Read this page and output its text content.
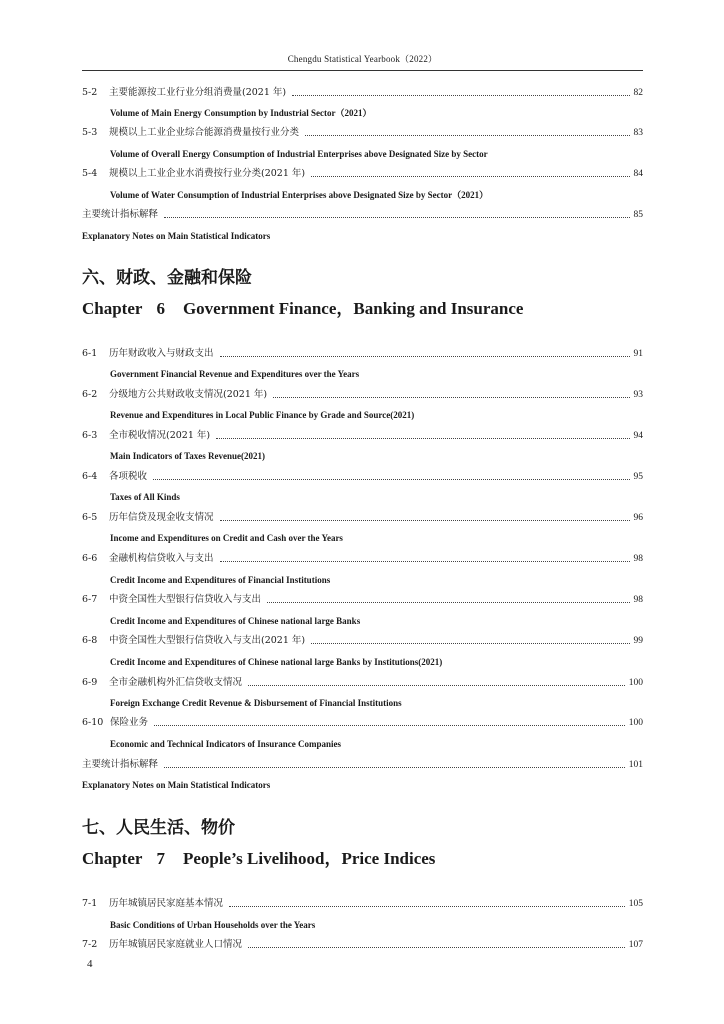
Chengdu Statistical Yearbook（2022）
5-2	主要能源按工业行业分组消费量(2021 年)	82
Volume of Main Energy Consumption by Industrial Sector（2021）
5-3	规模以上工业企业综合能源消费量按行业分类	83
Volume of Overall Energy Consumption of Industrial Enterprises above Designated Size by Sector
5-4	规模以上工业企业水消费按行业分类(2021 年)	84
Volume of Water Consumption of Industrial Enterprises above Designated Size by Sector（2021）
主要统计指标解释	85
Explanatory Notes on Main Statistical Indicators
六、财政、金融和保险
Chapter 6 Government Finance，Banking and Insurance
6-1	历年财政收入与财政支出	91
Government Financial Revenue and Expenditures over the Years
6-2	分级地方公共财政收支情况(2021 年)	93
Revenue and Expenditures in Local Public Finance by Grade and Source(2021)
6-3	全市税收情况(2021 年)	94
Main Indicators of Taxes Revenue(2021)
6-4	各项税收	95
Taxes of All Kinds
6-5	历年信贷及现金收支情况	96
Income and Expenditures on Credit and Cash over the Years
6-6	金融机构信贷收入与支出	98
Credit Income and Expenditures of Financial Institutions
6-7	中资全国性大型银行信贷收入与支出	98
Credit Income and Expenditures of Chinese national large Banks
6-8	中资全国性大型银行信贷收入与支出(2021 年)	99
Credit Income and Expenditures of Chinese national large Banks by Institutions(2021)
6-9	全市金融机构外汇信贷收支情况	100
Foreign Exchange Credit Revenue & Disbursement of Financial Institutions
6-10 保险业务	100
Economic and Technical Indicators of Insurance Companies
主要统计指标解释	101
Explanatory Notes on Main Statistical Indicators
七、人民生活、物价
Chapter 7 People’s Livelihood，Price Indices
7-1	历年城镇居民家庭基本情况	105
Basic Conditions of Urban Households over the Years
7-2	历年城镇居民家庭就业人口情况	107
4
